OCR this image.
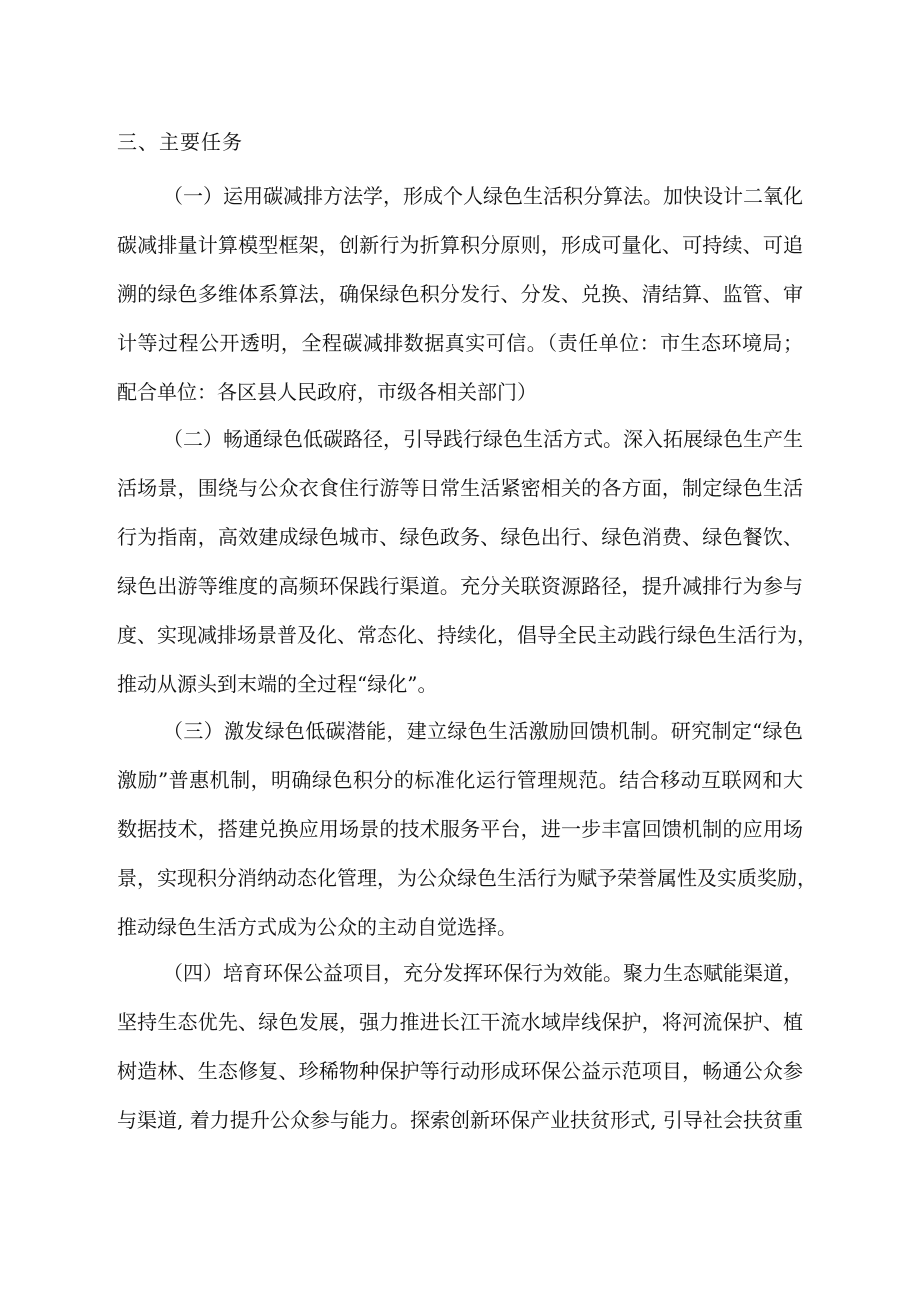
三、主要任务
（一）运用碳减排方法学，形成个人绿色生活积分算法。加快设计二氧化
碳减排量计算模型框架，创新行为折算积分原则，形成可量化、可持续、可追
溯的绿色多维体系算法，确保绿色积分发行、分发、兑换、清结算、监管、审
计等过程公开透明，全程碳减排数据真实可信。（责任单位：市生态环境局；
配合单位：各区县人民政府，市级各相关部门）
（二）畅通绿色低碳路径，引导践行绿色生活方式。深入拓展绿色生产生
活场景，围绕与公众衣食住行游等日常生活紧密相关的各方面，制定绿色生活
行为指南，高效建成绿色城市、绿色政务、绿色出行、绿色消费、绿色餐饮、
绿色出游等维度的高频环保践行渠道。充分关联资源路径，提升减排行为参与
度、实现减排场景普及化、常态化、持续化，倡导全民主动践行绿色生活行为，
推动从源头到末端的全过程“绿化”。
（三）激发绿色低碳潜能，建立绿色生活激励回馈机制。研究制定“绿色
激励”普惠机制，明确绿色积分的标准化运行管理规范。结合移动互联网和大
数据技术，搭建兑换应用场景的技术服务平台，进一步丰富回馈机制的应用场
景，实现积分消纳动态化管理，为公众绿色生活行为赋予荣誉属性及实质奖励，
推动绿色生活方式成为公众的主动自觉选择。
（四）培育环保公益项目，充分发挥环保行为效能。聚力生态赋能渠道，
坚持生态优先、绿色发展，强力推进长江干流水域岸线保护，将河流保护、植
树造林、生态修复、珍稀物种保护等行动形成环保公益示范项目，畅通公众参
与渠道, 着力提升公众参与能力。探索创新环保产业扶贫形式, 引导社会扶贫重
